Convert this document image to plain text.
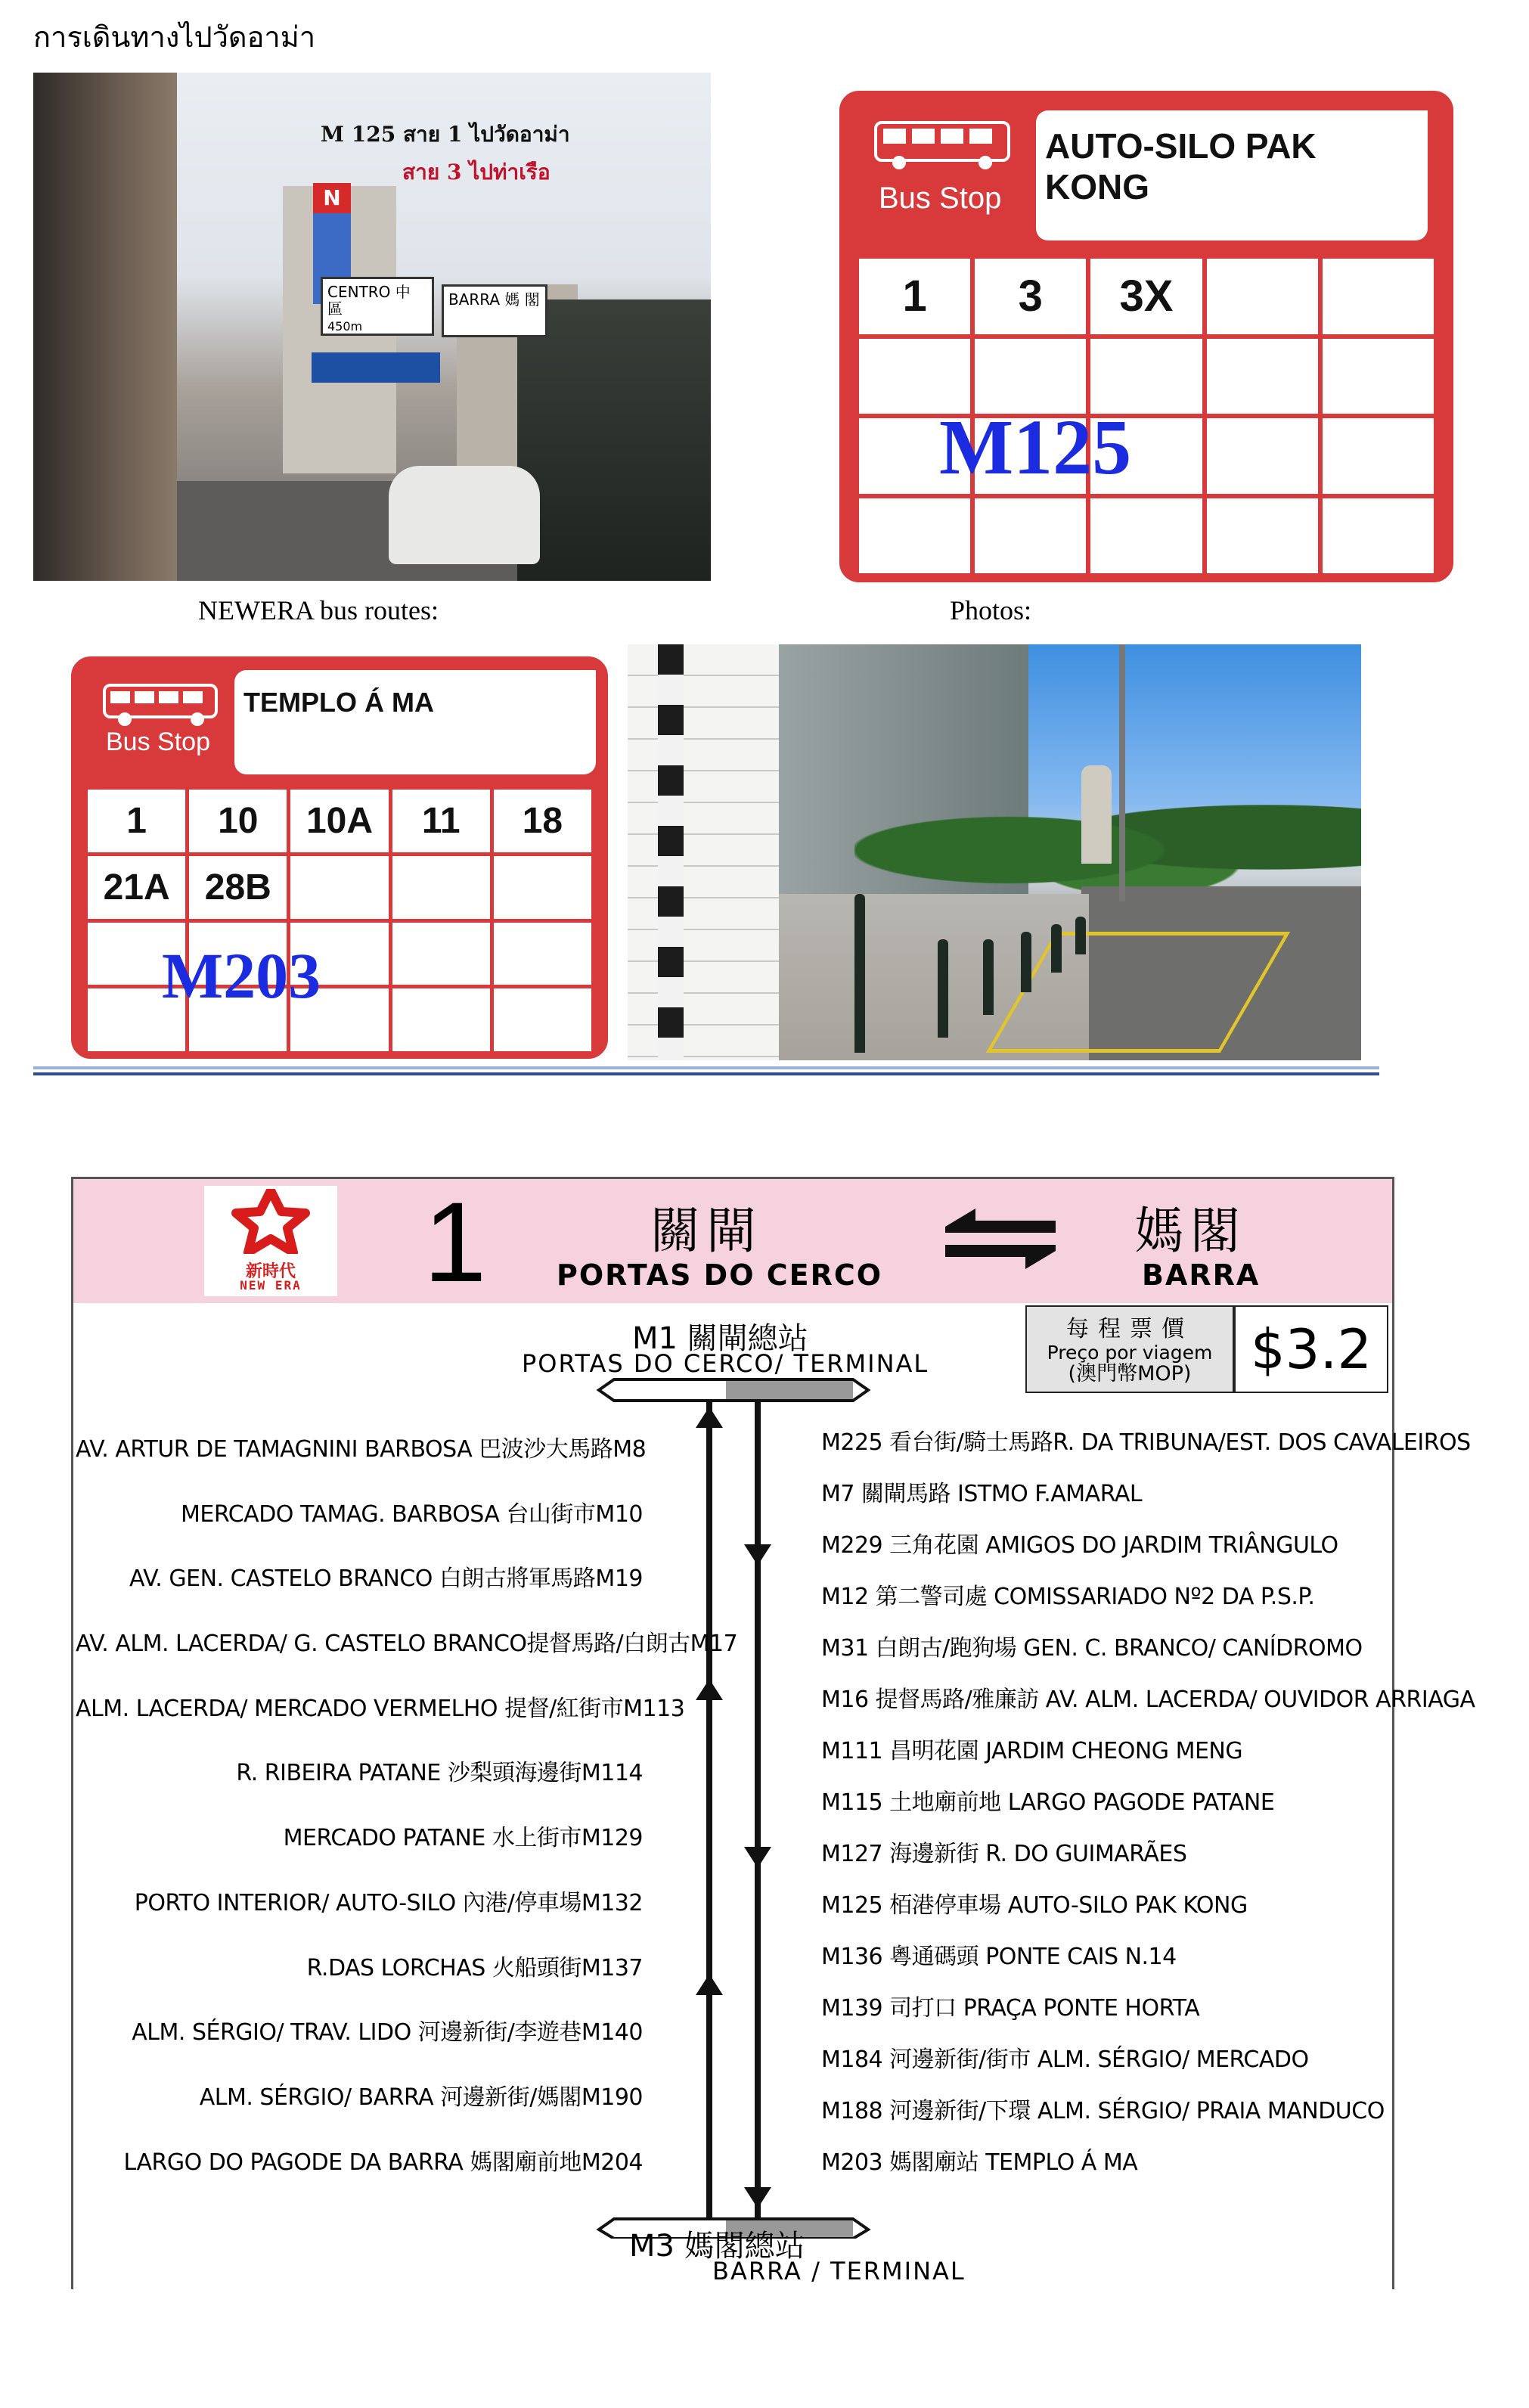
การเดินทางไปวัดอาม่า
N
CENTRO 中 區
450m
BARRA 媽 閣
M 125 สาย 1 ไปวัดอาม่า
สาย 3 ไปท่าเรือ
Bus Stop
AUTO-SILO PAK KONG
1	3	3X
M125
NEWERA bus routes:	Photos:
Bus Stop
TEMPLO Á MA
1	10	10A	11	18
21A 28B
M203
新時代
NEW ERA	1	關閘
PORTAS DO CERCO
媽閣
BARRA
M1 關閘總站
PORTAS DO CERCO/ TERMINAL
每程票價
Preço por viagem
(澳門幣MOP)	$3.2
AV. ARTUR DE TAMAGNINI BARBOSA 巴波沙大馬路M8
MERCADO TAMAG. BARBOSA 台山街市M10
AV. GEN. CASTELO BRANCO 白朗古將軍馬路M19
AV. ALM. LACERDA/ G. CASTELO BRANCO提督馬路/白朗古M17
ALM. LACERDA/ MERCADO VERMELHO 提督/紅街市M113
R. RIBEIRA PATANE 沙梨頭海邊街M114
MERCADO PATANE 水上街市M129
PORTO INTERIOR/ AUTO-SILO 內港/停車場M132
R.DAS LORCHAS 火船頭街M137
ALM. SÉRGIO/ TRAV. LIDO 河邊新街/李遊巷M140
ALM. SÉRGIO/ BARRA 河邊新街/媽閣M190
LARGO DO PAGODE DA BARRA 媽閣廟前地M204
M225 看台街/騎士馬路R. DA TRIBUNA/EST. DOS CAVALEIROS
M7 關閘馬路 ISTMO F.AMARAL
M229 三角花園 AMIGOS DO JARDIM TRIÂNGULO
M12 第二警司處 COMISSARIADO Nº2 DA P.S.P.
M31 白朗古/跑狗場 GEN. C. BRANCO/ CANÍDROMO
M16 提督馬路/雅廉訪 AV. ALM. LACERDA/ OUVIDOR ARRIAGA
M111 昌明花園 JARDIM CHEONG MENG
M115 土地廟前地 LARGO PAGODE PATANE
M127 海邊新街 R. DO GUIMARÃES
M125 栢港停車場 AUTO-SILO PAK KONG
M136 粵通碼頭 PONTE CAIS N.14
M139 司打口 PRAÇA PONTE HORTA
M184 河邊新街/街市 ALM. SÉRGIO/ MERCADO
M188 河邊新街/下環 ALM. SÉRGIO/ PRAIA MANDUCO
M203 媽閣廟站 TEMPLO Á MA
M3 媽閣總站
BARRA / TERMINAL
